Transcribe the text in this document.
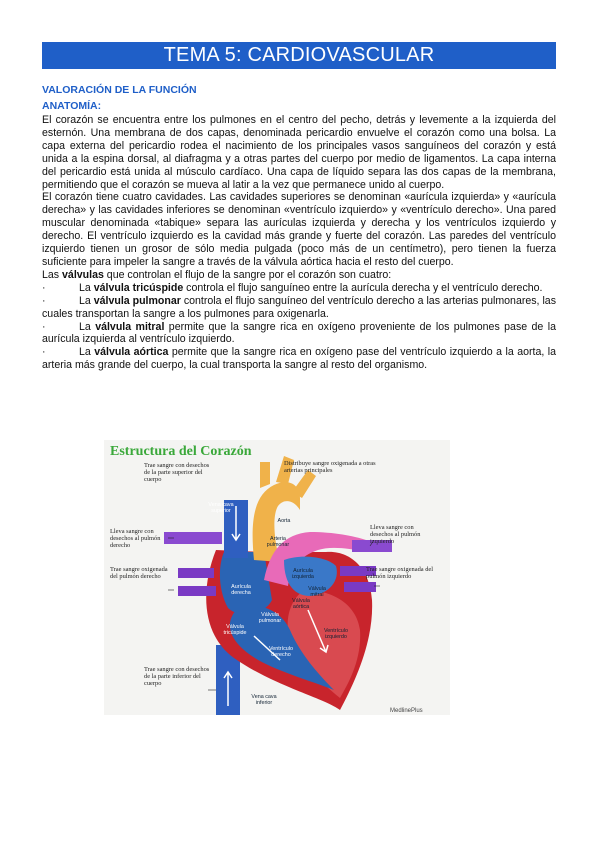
TEMA 5: CARDIOVASCULAR
VALORACIÓN DE LA FUNCIÓN
ANATOMÍA:

El corazón se encuentra entre los pulmones en el centro del pecho, detrás y levemente a la izquierda del esternón. Una membrana de dos capas, denominada pericardio envuelve el corazón como una bolsa. La capa externa del pericardio rodea el nacimiento de los principales vasos sanguíneos del corazón y está unida a la espina dorsal, al diafragma y a otras partes del cuerpo por medio de ligamentos. La capa interna del pericardio está unida al músculo cardíaco. Una capa de líquido separa las dos capas de la membrana, permitiendo que el corazón se mueva al latir a la vez que permanece unido al cuerpo.

El corazón tiene cuatro cavidades. Las cavidades superiores se denominan «aurícula izquierda» y «aurícula derecha» y las cavidades inferiores se denominan «ventrículo izquierdo» y «ventrículo derecho». Una pared muscular denominada «tabique» separa las aurículas izquierda y derecha y los ventrículos izquierdo y derecho. El ventrículo izquierdo es la cavidad más grande y fuerte del corazón. Las paredes del ventrículo izquierdo tienen un grosor de sólo media pulgada (poco más de un centímetro), pero tienen la fuerza suficiente para impeler la sangre a través de la válvula aórtica hacia el resto del cuerpo.

Las válvulas que controlan el flujo de la sangre por el corazón son cuatro:

·	La válvula tricúspide controla el flujo sanguíneo entre la aurícula derecha y el ventrículo derecho.

·	La válvula pulmonar controla el flujo sanguíneo del ventrículo derecho a las arterias pulmonares, las cuales transportan la sangre a los pulmones para oxigenarla.

·	La válvula mitral permite que la sangre rica en oxígeno proveniente de los pulmones pase de la aurícula izquierda al ventrículo izquierdo.

·	La válvula aórtica permite que la sangre rica en oxígeno pase del ventrículo izquierdo a la aorta, la arteria más grande del cuerpo, la cual transporta la sangre al resto del organismo.

Estructura del Corazón
Trae sangre con desechos de la parte superior del cuerpo
Distribuye sangre oxigenada a otras arterias principales
Lleva sangre con desechos al pulmón derecho
Lleva sangre con desechos al pulmón izquierdo
Trae sangre oxigenada del pulmón derecho
Trae sangre oxigenada del pulmón izquierdo
Trae sangre con desechos de la parte inferior del cuerpo
Vena cava superior
Aorta
Arteria pulmonar
Aurícula izquierda
Válvula mitral
Aurícula derecha
Válvula aórtica
Válvula pulmonar
Válvula tricúspide	Ventrículo izquierdo
Ventrículo derecho
Vena cava inferior
MedlinePlus
